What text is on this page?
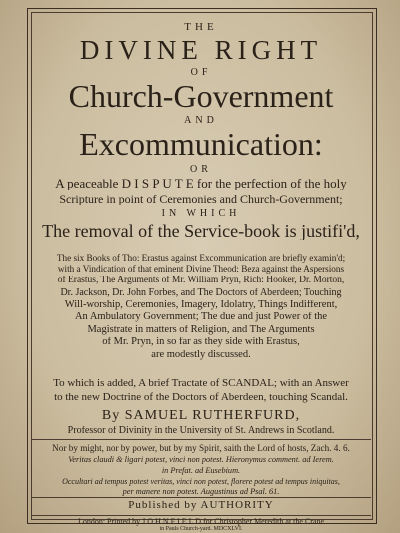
THE
DIVINE RIGHT
OF
Church-Government
AND
Excommunication:
OR
A peaceable D I S P U T E for the perfection of the holy
Scripture in point of Ceremonies and Church-Government;
IN WHICH
The removal of the Service-book is justifi'd,
The six Books of Tho: Erastus against Excommunication are briefly examin'd;
with a Vindication of that eminent Divine Theod: Beza against the Aspersions
of Erastus, The Arguments of Mr. William Pryn, Rich: Hooker, Dr. Morton,
Dr. Jackson, Dr. John Forbes, and The Doctors of Aberdeen; Touching
Will-worship, Ceremonies, Imagery, Idolatry, Things Indifferent,
An Ambulatory Government; The due and just Power of the
Magistrate in matters of Religion, and The Arguments
of Mr. Pryn, in so far as they side with Erastus,
are modestly discussed.
To which is added, A brief Tractate of SCANDAL; with an Answer
to the new Doctrine of the Doctors of Aberdeen, touching Scandal.
By SAMUEL RUTHERFURD,
Professor of Divinity in the University of St. Andrews in Scotland.
Nor by might, nor by power, but by my Spirit, saith the Lord of hosts, Zach. 4. 6.
Veritas claudi & ligari potest, vinci non potest. Hieronymus comment. ad Ierem.
in Prefat. ad Eusebium.
Occultari ad tempus potest veritas, vinci non potest, florere potest ad tempus iniquitas,
per manere non potest. Augustinus ad Psal. 61.
Published by AUTHORITY
London: Printed by J O H N F I E L D for Christopher Meredith at the Crane
in Pauls Church-yard. MDCXLVI.
